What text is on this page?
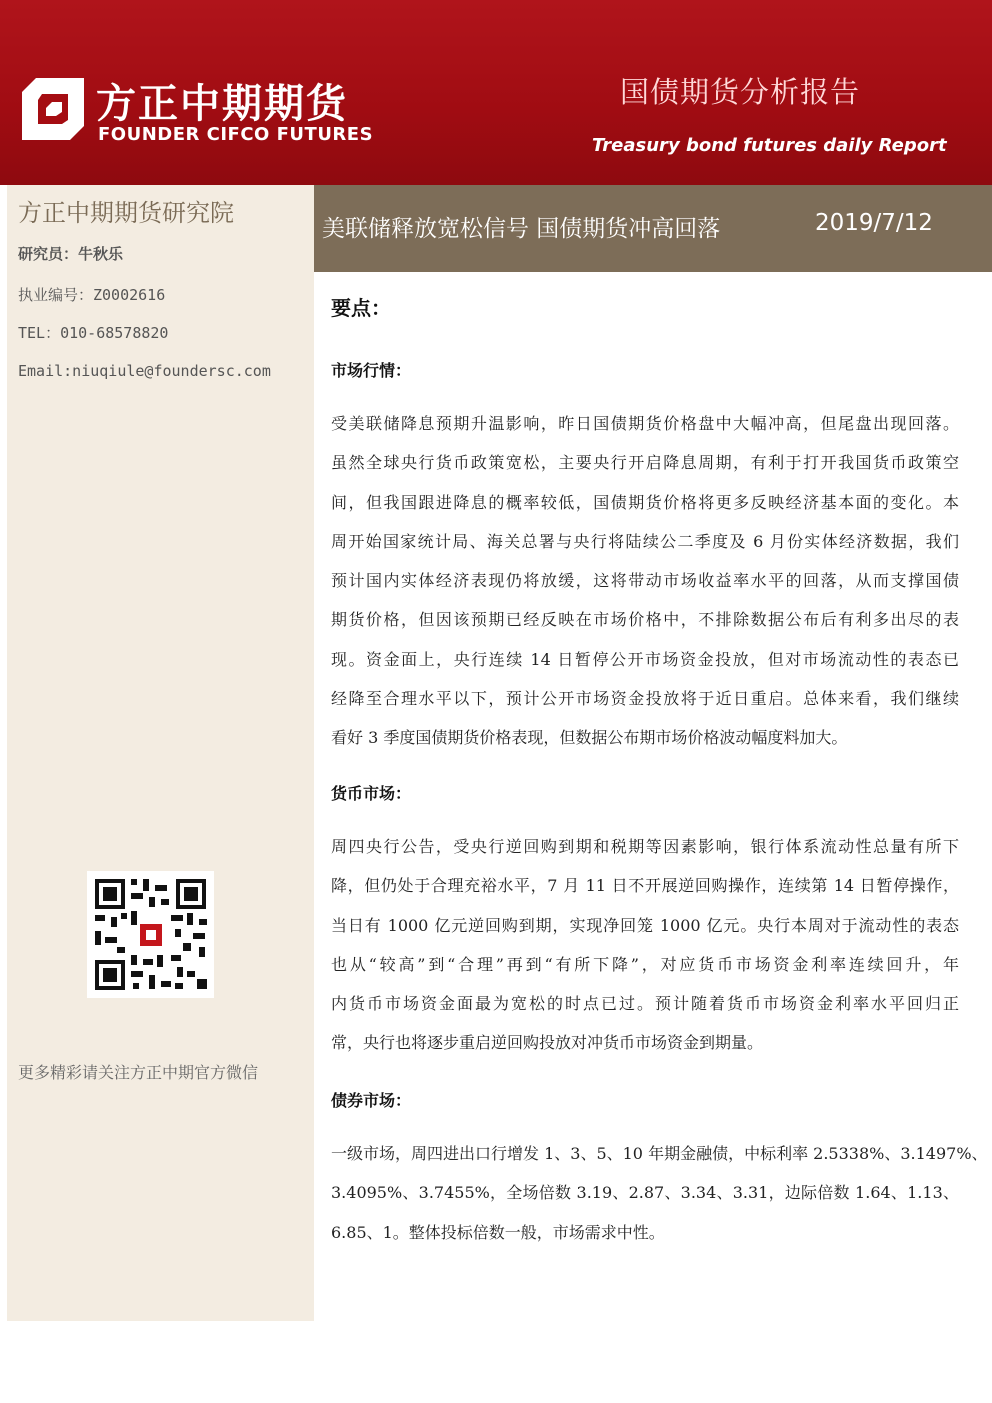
方正中期期货
FOUNDER CIFCO FUTURES
国债期货分析报告
Treasury bond futures daily Report
方正中期期货研究院
研究员：牛秋乐
执业编号：Z0002616
TEL：010-68578820
Email:niuqiule@foundersc.com
更多精彩请关注方正中期官方微信
美联储释放宽松信号 国债期货冲高回落	2019/7/12
要点：
市场行情：
受美联储降息预期升温影响，昨日国债期货价格盘中大幅冲高，但尾盘出现回落。
虽然全球央行货币政策宽松，主要央行开启降息周期，有利于打开我国货币政策空
间，但我国跟进降息的概率较低，国债期货价格将更多反映经济基本面的变化。本
周开始国家统计局、海关总署与央行将陆续公二季度及 6 月份实体经济数据，我们
预计国内实体经济表现仍将放缓，这将带动市场收益率水平的回落，从而支撑国债
期货价格，但因该预期已经反映在市场价格中，不排除数据公布后有利多出尽的表
现。资金面上，央行连续 14 日暂停公开市场资金投放，但对市场流动性的表态已
经降至合理水平以下，预计公开市场资金投放将于近日重启。总体来看，我们继续
看好 3 季度国债期货价格表现，但数据公布期市场价格波动幅度料加大。
货币市场：
周四央行公告，受央行逆回购到期和税期等因素影响，银行体系流动性总量有所下
降，但仍处于合理充裕水平，7 月 11 日不开展逆回购操作，连续第 14 日暂停操作，
当日有 1000 亿元逆回购到期，实现净回笼 1000 亿元。央行本周对于流动性的表态
也从“较高”到“合理”再到“有所下降”，对应货币市场资金利率连续回升，年
内货币市场资金面最为宽松的时点已过。预计随着货币市场资金利率水平回归正
常，央行也将逐步重启逆回购投放对冲货币市场资金到期量。
债券市场：
一级市场，周四进出口行增发 1、3、5、10 年期金融债，中标利率 2.5338%、3.1497%、
3.4095%、3.7455%，全场倍数 3.19、2.87、3.34、3.31，边际倍数 1.64、1.13、
6.85、1。整体投标倍数一般，市场需求中性。
